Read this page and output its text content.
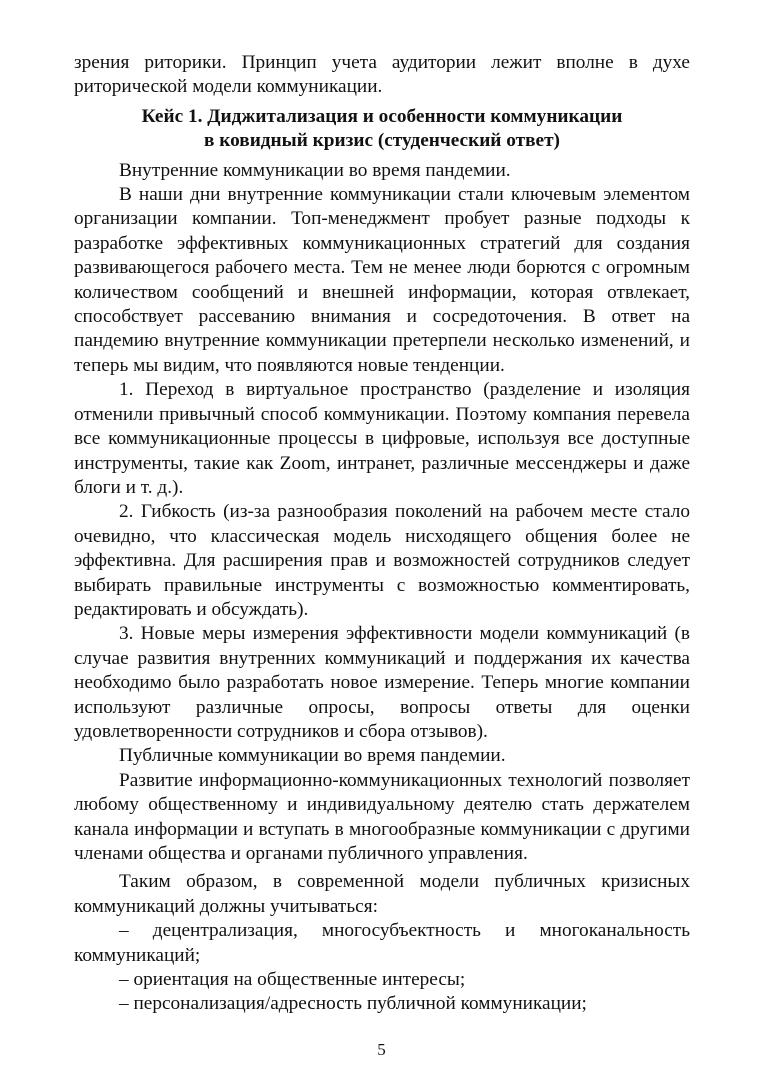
зрения риторики. Принцип учета аудитории лежит вполне в духе риторической модели коммуникации.

Кейс 1. Диджитализация и особенности коммуникации

в ковидный кризис (студенческий ответ)

Внутренние коммуникации во время пандемии.

В наши дни внутренние коммуникации стали ключевым элементом организации компании. Топ-менеджмент пробует разные подходы к разработке эффективных коммуникационных стратегий для создания развивающегося рабочего места. Тем не менее люди борются с огромным количеством сообщений и внешней информации, которая отвлекает, способствует рассеванию внимания и сосредоточения. В ответ на пандемию внутренние коммуникации претерпели несколько изменений, и теперь мы видим, что появляются новые тенденции.

1. Переход в виртуальное пространство (разделение и изоляция отменили привычный способ коммуникации. Поэтому компания перевела все коммуникационные процессы в цифровые, используя все доступные инструменты, такие как Zoom, интранет, различные мессенджеры и даже блоги и т. д.).

2. Гибкость (из-за разнообразия поколений на рабочем месте стало очевидно, что классическая модель нисходящего общения более не эффективна. Для расширения прав и возможностей сотрудников следует выбирать правильные инструменты с возможностью комментировать, редактировать и обсуждать).

3. Новые меры измерения эффективности модели коммуникаций (в случае развития внутренних коммуникаций и поддержания их качества необходимо было разработать новое измерение. Теперь многие компании используют различные опросы, вопросы ответы для оценки удовлетворенности сотрудников и сбора отзывов).

Публичные коммуникации во время пандемии.

Развитие информационно-коммуникационных технологий позволяет любому общественному и индивидуальному деятелю стать держателем канала информации и вступать в многообразные коммуникации с другими членами общества и органами публичного управления.

Таким образом, в современной модели публичных кризисных коммуникаций должны учитываться:

– децентрализация, многосубъектность и многоканальность коммуникаций;

– ориентация на общественные интересы;

– персонализация/адресность публичной коммуникации;

5
